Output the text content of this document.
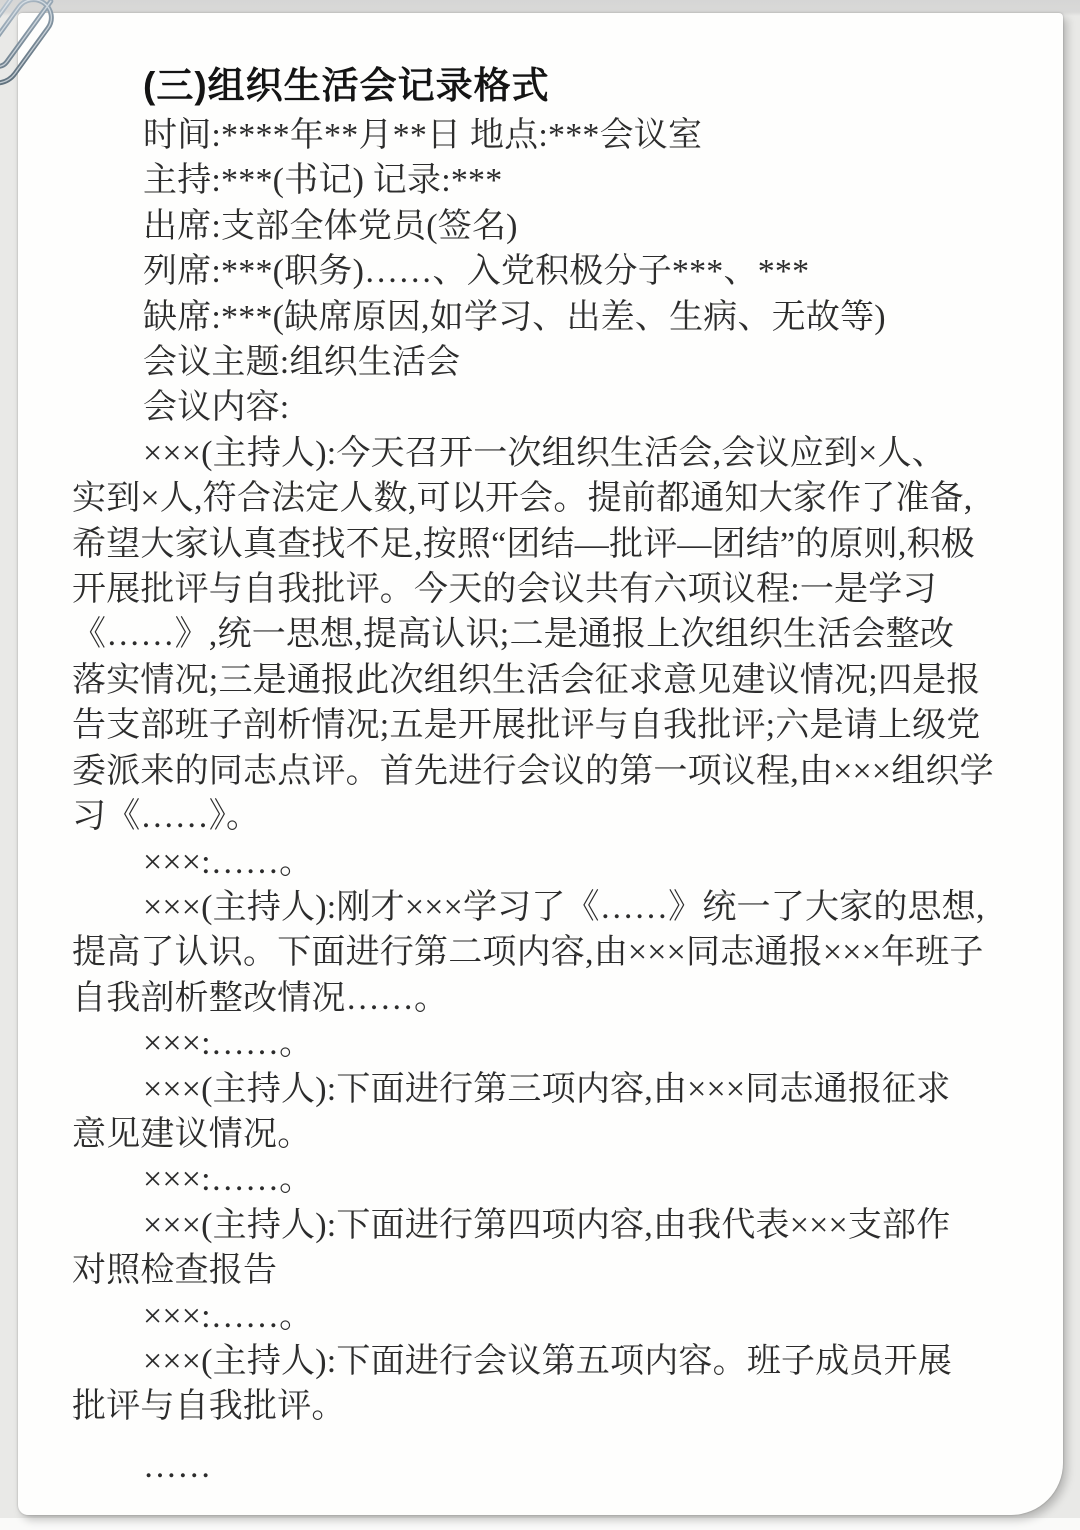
(三)组织生活会记录格式
时间:****年**月**日 地点:***会议室
主持:***(书记) 记录:***
出席:支部全体党员(签名)
列席:***(职务)……、入党积极分子***、***
缺席:***(缺席原因,如学习、出差、生病、无故等)
会议主题:组织生活会
会议内容:
×××(主持人):今天召开一次组织生活会,会议应到×人、
实到×人,符合法定人数,可以开会。提前都通知大家作了准备,
希望大家认真查找不足,按照“团结—批评—团结”的原则,积极
开展批评与自我批评。今天的会议共有六项议程:一是学习
《……》,统一思想,提高认识;二是通报上次组织生活会整改
落实情况;三是通报此次组织生活会征求意见建议情况;四是报
告支部班子剖析情况;五是开展批评与自我批评;六是请上级党
委派来的同志点评。首先进行会议的第一项议程,由×××组织学
习《……》。
×××:……。
×××(主持人):刚才×××学习了《……》统一了大家的思想,
提高了认识。下面进行第二项内容,由×××同志通报×××年班子
自我剖析整改情况……。
×××:……。
×××(主持人):下面进行第三项内容,由×××同志通报征求
意见建议情况。
×××:……。
×××(主持人):下面进行第四项内容,由我代表×××支部作
对照检查报告
×××:……。
×××(主持人):下面进行会议第五项内容。班子成员开展
批评与自我批评。
……
